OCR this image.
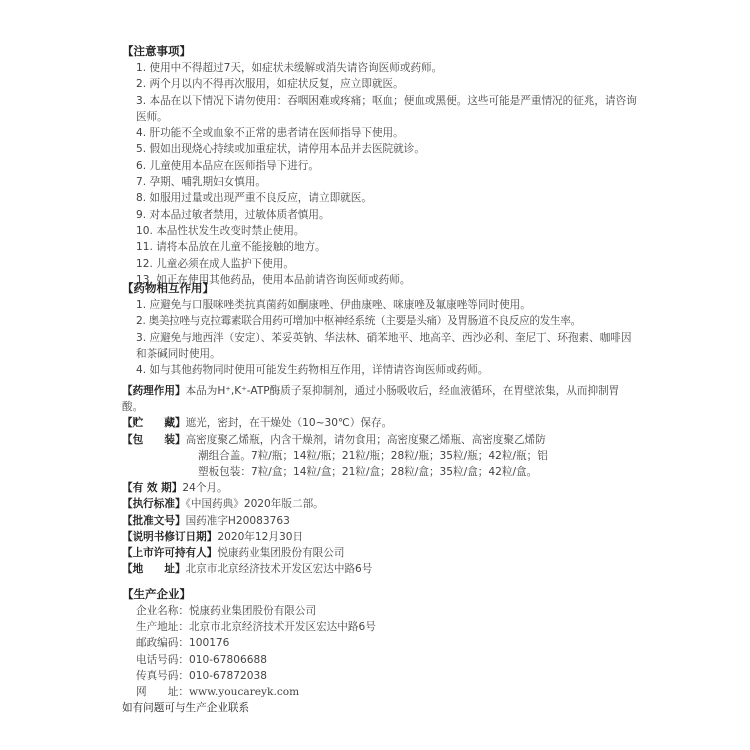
【注意事项】
1. 使用中不得超过7天，如症状未缓解或消失请咨询医师或药师。
2. 两个月以内不得再次服用，如症状反复，应立即就医。
3. 本品在以下情况下请勿使用：吞咽困难或疼痛；呕血；便血或黑便。这些可能是严重情况的征兆，请咨询医师。
4. 肝功能不全或血象不正常的患者请在医师指导下使用。
5. 假如出现烧心持续或加重症状，请停用本品并去医院就诊。
6. 儿童使用本品应在医师指导下进行。
7. 孕期、哺乳期妇女慎用。
8. 如服用过量或出现严重不良反应，请立即就医。
9. 对本品过敏者禁用，过敏体质者慎用。
10. 本品性状发生改变时禁止使用。
11. 请将本品放在儿童不能接触的地方。
12. 儿童必须在成人监护下使用。
13. 如正在使用其他药品，使用本品前请咨询医师或药师。
【药物相互作用】
1. 应避免与口服咪唑类抗真菌药如酮康唑、伊曲康唑、咪康唑及氟康唑等同时使用。
2. 奥美拉唑与克拉霉素联合用药可增加中枢神经系统（主要是头痛）及胃肠道不良反应的发生率。
3. 应避免与地西泮（安定）、苯妥英钠、华法林、硝苯地平、地高辛、西沙必利、奎尼丁、环孢素、咖啡因和茶碱同时使用。
4. 如与其他药物同时使用可能发生药物相互作用，详情请咨询医师或药师。
【药理作用】本品为H⁺,K⁺-ATP酶质子泵抑制剂，通过小肠吸收后，经血液循环，在胃壁浓集，从而抑制胃酸。
【贮　　藏】遮光，密封，在干燥处（10~30℃）保存。
【包　　装】高密度聚乙烯瓶，内含干燥剂，请勿食用；高密度聚乙烯瓶、高密度聚乙烯防
潮组合盖。7粒/瓶；14粒/瓶；21粒/瓶；28粒/瓶；35粒/瓶；42粒/瓶；铝
塑板包装：7粒/盒；14粒/盒；21粒/盒；28粒/盒；35粒/盒；42粒/盒。
【有 效 期】24个月。
【执行标准】《中国药典》2020年版二部。
【批准文号】国药准字H20083763
【说明书修订日期】2020年12月30日
【上市许可持有人】悦康药业集团股份有限公司
【地　　址】北京市北京经济技术开发区宏达中路6号
【生产企业】
企业名称：悦康药业集团股份有限公司
生产地址：北京市北京经济技术开发区宏达中路6号
邮政编码：100176
电话号码：010-67806688
传真号码：010-67872038
网　　址：www.youcareyk.com
如有问题可与生产企业联系
